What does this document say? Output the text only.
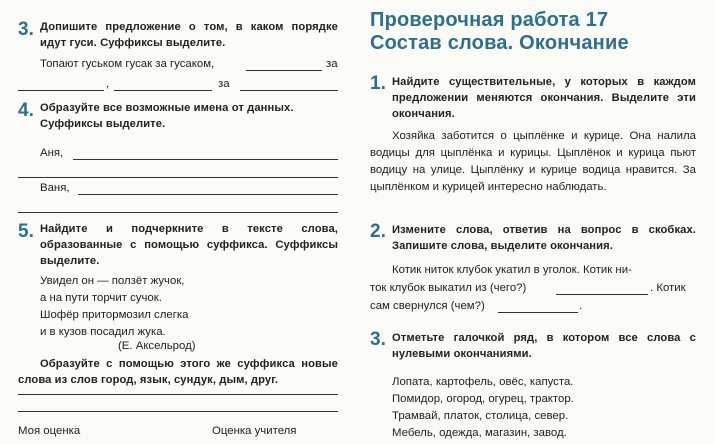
3. Допишите предложение о том, в каком порядке идут гуси. Суффиксы выделите.
Топают гуськом гусак за гусаком,	за
,	за
4. Образуйте все возможные имена от данных. Суффиксы выделите.
Аня,
Ваня,
5. Найдите и подчеркните в тексте слова, образованные с помощью суффикса. Суффиксы выделите.
Увидел он — ползёт жучок,
а на пути торчит сучок.
Шофёр притормозил слегка
и в кузов посадил жука.
(Е. Аксельрод)
Образуйте с помощью этого же суффикса новые слова из слов город, язык, сундук, дым, друг.
Моя оценка	Оценка учителя
Проверочная работа 17
Состав слова. Окончание
1. Найдите существительные, у которых в каждом предложении меняются окончания. Выделите эти окончания.
Хозяйка заботится о цыплёнке и курице. Она налила водицы для цыплёнка и курицы. Цыплёнок и курица пьют водицу на улице. Цыплёнку и курице водица нравится. За цыплёнком и курицей интересно наблюдать.
2. Измените слова, ответив на вопрос в скобках. Запишите слова, выделите окончания.
Котик ниток клубок укатил в уголок. Котик ни-
ток клубок выкатил из (чего?)	. Котик
сам свернулся (чем?)	.
3. Отметьте галочкой ряд, в котором все слова с нулевыми окончаниями.
Лопата, картофель, овёс, капуста.
Помидор, огород, огурец, трактор.
Трамвай, платок, столица, север.
Мебель, одежда, магазин, завод.
